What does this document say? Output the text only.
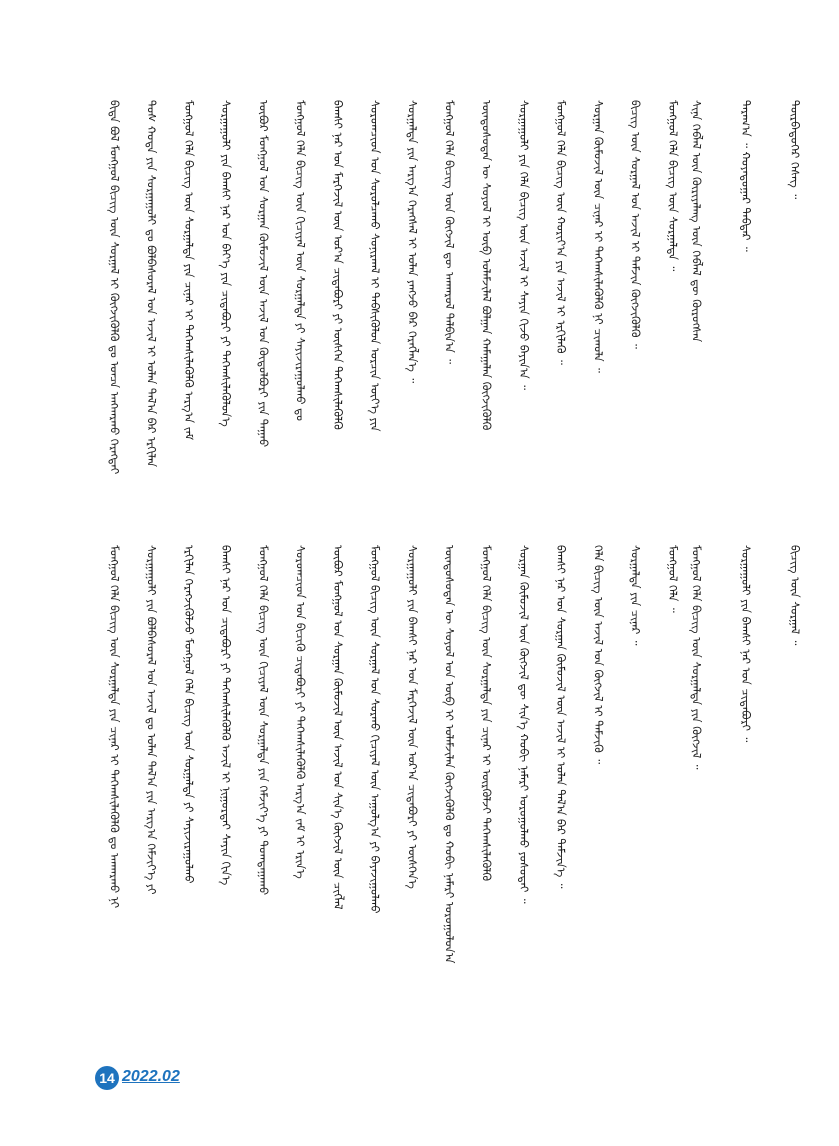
ᠪᠢᠳᠡ ᠪᠣᠯ ᠮᠣᠩᠭᠣᠯ ᠪᠢᠴᠢᠭ ᠦᠨ ᠰᠤᠷᠭᠠᠯ ᠢ ᠬᠥᠭᠵᠢᠭᠦᠯᠬᠦ ᠳᠤ ᠣᠨᠴᠠ ᠠᠩᠬᠠᠷᠬᠤ ᠬᠡᠷᠡᠭᠲᠡᠢ ᠲᠤᠰ ᠬᠣᠲᠠ ᠶᠢᠨ ᠰᠤᠷᠭᠠᠭᠤᠯᠢ ᠳᠤ ᠪᠣᠯᠪᠠᠰᠤᠷᠠᠯ ᠤᠨ ᠠᠵᠢᠯ ᠢ ᠣᠯᠠᠨ ᠲᠠᠯ᠎ᠠ ᠪᠠᠷ ᠡᠷᠬᠢᠯᠡᠨ ᠮᠣᠩᠭᠣᠯ ᠬᠡᠯᠡ ᠪᠢᠴᠢᠭ ᠦᠨ ᠰᠤᠷᠭᠠᠯᠲᠠ ᠶᠢᠨ ᠴᠢᠨᠠᠷ ᠢ ᠳᠡᠭᠡᠭ᠍ᠰᠢᠯᠡᠭᠦᠯᠬᠦ ᠠᠷᠭ᠎ᠠ ᠵᠠᠮ ᠰᠤᠷᠭᠠᠭᠤᠯᠢ ᠶᠢᠨ ᠪᠠᠭᠰᠢ ᠨᠠᠷ ᠤᠨ ᠪᠡᠶ᠎ᠡ ᠶᠢᠨ ᠴᠢᠳᠠᠪᠤᠷᠢ ᠶᠢ ᠳᠡᠭᠡᠭ᠍ᠰᠢᠯᠡᠭᠦᠯᠦᠨ᠎ᠡ ᠥᠪᠥᠷ ᠮᠣᠩᠭᠣᠯ ᠤᠨ ᠰᠤᠷᠭᠠᠨ ᠬᠦᠮᠦᠵᠢᠯ ᠦᠨ ᠠᠵᠢᠯ ᠤᠨ ᠬᠥᠲᠥᠯᠪᠦᠷᠢ ᠶᠢᠨ ᠳᠠᠭᠠᠤ ᠮᠣᠩᠭᠣᠯ ᠬᠡᠯᠡ ᠪᠢᠴᠢᠭ ᠦᠨ ᠬᠢᠴᠢᠶᠡᠯ ᠦᠨ ᠰᠤᠷᠭᠠᠯᠲᠠ ᠶᠢ ᠰᠠᠶᠢᠵᠢᠷᠠᠭᠤᠯᠬᠤ ᠳᠤ ᠪᠠᠭᠰᠢ ᠨᠠᠷ ᠤᠨ ᠮᠡᠷᠭᠡᠵᠢᠯ ᠦᠨ ᠤᠷ᠎ᠠ ᠴᠢᠳᠠᠪᠤᠷᠢ ᠶᠢ ᠥᠰᠬᠡᠨ ᠳᠡᠭᠡᠭ᠍ᠰᠢᠯᠡᠭᠦᠯᠬᠦ ᠰᠤᠷᠤᠭᠴᠢᠳ ᠤᠨ ᠰᠤᠷᠤᠯᠴᠠᠬᠤ ᠰᠣᠨᠢᠷᠬᠠᠯ ᠢ ᠳᠡᠪᠰᠢᠭᠦᠯᠦᠨ ᠣᠷᠴᠢᠨ ᠦᠶ᠎ᠡ ᠶᠢᠨ ᠰᠤᠷᠭᠠᠯᠲᠠ ᠶᠢᠨ ᠠᠷᠭ᠎ᠠ ᠬᠡᠷᠡᠭᠰᠡᠯ ᠢ ᠣᠯᠠᠨ ᠶᠠᠩᠵᠤ ᠪᠠᠷ ᠬᠡᠷᠡᠭᠯᠡᠨ᠎ᠡ ᠃ ᠮᠣᠩᠭᠣᠯ ᠬᠡᠯᠡ ᠪᠢᠴᠢᠭ ᠦᠨ ᠬᠥᠭᠵᠢᠯ ᠳᠦ ᠠᠨᠬᠠᠷᠤᠯ ᠲᠠᠯᠪᠢᠨ᠎ᠠ ᠃ ᠦᠨᠳᠦᠰᠦᠲᠡᠨ ᠦ ᠰᠣᠶᠣᠯ ᠢ ᠥᠪ ᠤᠯᠠᠮᠵᠢᠯᠠᠯ ᠪᠣᠯᠭᠠᠨ ᠬᠠᠮᠠᠭᠠᠯᠠᠨ ᠬᠥᠭᠵᠢᠭᠦᠯᠬᠦ ᠰᠤᠷᠭᠠᠭᠤᠯᠢ ᠶᠢᠨ ᠬᠡᠯᠡ ᠪᠢᠴᠢᠭ ᠦᠨ ᠠᠵᠢᠯ ᠢ ᠰᠠᠶᠢᠨ ᠬᠢᠵᠦ ᠪᠠᠶᠢᠨ᠎ᠠ ᠃ ᠮᠣᠩᠭᠣᠯ ᠬᠡᠯᠡ ᠪᠢᠴᠢᠭ ᠦᠨ ᠬᠣᠷᠢᠶ᠎ᠠ ᠶᠢᠨ ᠠᠵᠢᠯ ᠢ ᠡᠷᠬᠢᠯᠡᠬᠦ ᠃ ᠰᠤᠷᠭᠠᠨ ᠬᠦᠮᠦᠵᠢᠯ ᠦᠨ ᠴᠢᠨᠠᠷ ᠢ ᠳᠡᠭᠡᠭ᠍ᠰᠢᠯᠡᠭᠦᠯᠬᠦ ᠨᠢ ᠴᠢᠬᠤᠯᠠ ᠃ ᠪᠢᠴᠢᠭ ᠦᠨ ᠰᠤᠷᠭᠠᠯ ᠤᠨ ᠠᠵᠢᠯ ᠢ ᠳᠡᠮᠵᠢᠨ ᠬᠥᠭᠵᠢᠭᠦᠯᠬᠦ ᠃ ᠮᠣᠩᠭᠣᠯ ᠬᠡᠯᠡ ᠪᠢᠴᠢᠭ ᠦᠨ ᠰᠤᠷᠭᠠᠯᠲᠠ ᠃ ᠰᠢᠨᠡ ᠬᠡᠪᠯᠡᠯ ᠦᠨ ᠬᠦᠷᠢᠶᠡᠯᠡᠩ ᠦᠨ ᠬᠡᠪᠯᠡᠯ ᠳᠦ ᠬᠦᠷᠦᠭᠰᠡᠨ	ᠳᠠᠷᠠᠭ᠎ᠠ ᠃ ᠬᠣᠶᠠᠳᠤᠭᠠᠷ ᠳᠡᠪᠲᠡᠷ ᠃	ᠳᠦᠷᠪᠡᠳᠦᠭᠡᠷ ᠬᠡᠰᠡᠭ ᠃
ᠮᠣᠩᠭᠣᠯ ᠬᠡᠯᠡ ᠪᠢᠴᠢᠭ ᠦᠨ ᠰᠤᠷᠭᠠᠯᠲᠠ ᠶᠢᠨ ᠴᠢᠨᠠᠷ ᠢ ᠳᠡᠭᠡᠭ᠍ᠰᠢᠯᠡᠭᠦᠯᠬᠦ ᠳᠤ ᠠᠨᠬᠠᠷᠬᠤ ᠨᠢ ᠰᠤᠷᠭᠠᠭᠤᠯᠢ ᠶᠢᠨ ᠪᠣᠯᠪᠠᠰᠤᠷᠠᠯ ᠤᠨ ᠠᠵᠢᠯ ᠳᠤ ᠣᠯᠠᠨ ᠲᠠᠯ᠎ᠠ ᠶᠢᠨ ᠠᠷᠭ᠎ᠠ ᠬᠡᠮᠵᠢᠶ᠎ᠡ ᠶᠢ ᠡᠷᠬᠢᠯᠡᠨ ᠬᠡᠷᠡᠭᠵᠢᠭᠦᠯᠵᠦ ᠮᠣᠩᠭᠣᠯ ᠬᠡᠯᠡ ᠪᠢᠴᠢᠭ ᠦᠨ ᠰᠤᠷᠭᠠᠯᠲᠠ ᠶᠢ ᠰᠠᠶᠢᠵᠢᠷᠠᠭᠤᠯᠬᠤ ᠪᠠᠭᠰᠢ ᠨᠠᠷ ᠤᠨ ᠴᠢᠳᠠᠪᠤᠷᠢ ᠶᠢ ᠳᠡᠭᠡᠭ᠍ᠰᠢᠯᠡᠭᠦᠯᠬᠦ ᠠᠵᠢᠯ ᠢ ᠨᠢᠭᠤᠷᠲᠠᠢ ᠰᠠᠶᠢᠨ ᠬᠢᠨ᠎ᠡ ᠮᠣᠩᠭᠣᠯ ᠬᠡᠯᠡ ᠪᠢᠴᠢᠭ ᠦᠨ ᠬᠢᠴᠢᠶᠡᠯ ᠦᠨ ᠰᠤᠷᠭᠠᠯᠲᠠ ᠶᠢᠨ ᠬᠡᠮᠵᠢᠶ᠎ᠡ ᠶᠢ ᠲᠣᠭᠲᠠᠭᠠᠬᠤ ᠰᠤᠷᠤᠭᠴᠢᠳ ᠤᠨ ᠪᠢᠴᠢᠬᠦ ᠴᠢᠳᠠᠪᠤᠷᠢ ᠶᠢ ᠳᠡᠭᠡᠭ᠍ᠰᠢᠯᠡᠭᠦᠯᠬᠦ ᠠᠷᠭ᠎ᠠ ᠵᠠᠮ ᠢ ᠡᠷᠢᠨ᠎ᠡ ᠥᠪᠥᠷ ᠮᠣᠩᠭᠣᠯ ᠤᠨ ᠰᠤᠷᠭᠠᠨ ᠬᠦᠮᠦᠵᠢᠯ ᠦᠨ ᠠᠵᠢᠯ ᠤᠨ ᠰᠢᠨ᠎ᠡ ᠬᠥᠭᠵᠢᠯ ᠦᠨ ᠴᠢᠭᠯᠡᠯ ᠮᠣᠩᠭᠣᠯ ᠪᠢᠴᠢᠭ ᠦᠨ ᠰᠤᠷᠭᠠᠯ ᠤᠨ ᠰᠤᠷᠬᠤ ᠬᠢᠴᠢᠶᠡᠯ ᠦᠨ ᠠᠭᠤᠯᠭ᠎ᠠ ᠶᠢ ᠪᠠᠶᠠᠵᠢᠭᠤᠯᠬᠤ ᠰᠤᠷᠭᠠᠭᠤᠯᠢ ᠶᠢᠨ ᠪᠠᠭᠰᠢ ᠨᠠᠷ ᠤᠨ ᠮᠡᠷᠭᠡᠵᠢᠯ ᠦᠨ ᠤᠷ᠎ᠠ ᠴᠢᠳᠠᠪᠤᠷᠢ ᠶᠢ ᠥᠰᠬᠡᠨ᠎ᠡ ᠦᠨᠳᠦᠰᠦᠲᠡᠨ ᠦ ᠰᠣᠶᠣᠯ ᠤᠨ ᠥᠪ ᠢ ᠤᠯᠠᠮᠵᠢᠯᠠᠨ ᠬᠥᠭᠵᠢᠭᠦᠯᠬᠦ ᠳᠤ ᠬᠤᠪᠢ ᠨᠡᠮᠡᠷᠢ ᠣᠷᠤᠭᠤᠯᠤᠨ᠎ᠠ ᠮᠣᠩᠭᠣᠯ ᠬᠡᠯᠡ ᠪᠢᠴᠢᠭ ᠦᠨ ᠰᠤᠷᠭᠠᠯᠲᠠ ᠶᠢᠨ ᠴᠢᠨᠠᠷ ᠢ ᠦᠷᠭᠦᠯᠵᠢ ᠳᠡᠭᠡᠭ᠍ᠰᠢᠯᠡᠭᠦᠯᠬᠦ ᠰᠤᠷᠭᠠᠨ ᠬᠦᠮᠦᠵᠢᠯ ᠦᠨ ᠬᠥᠭᠵᠢᠯ ᠳᠦ ᠰᠢᠨ᠎ᠡ ᠬᠤᠪᠢ ᠨᠡᠮᠡᠷᠢ ᠣᠷᠤᠭᠤᠯᠬᠤ ᠶᠤᠰᠤᠲᠠᠢ ᠃ ᠪᠠᠭᠰᠢ ᠨᠠᠷ ᠤᠨ ᠰᠤᠷᠭᠠᠨ ᠬᠦᠮᠦᠵᠢᠯ ᠦᠨ ᠠᠵᠢᠯ ᠢ ᠣᠯᠠᠨ ᠲᠠᠯ᠎ᠠ ᠪᠠᠷ ᠳᠡᠮᠵᠢᠨ᠎ᠡ ᠃ ᠬᠡᠯᠡ ᠪᠢᠴᠢᠭ ᠦᠨ ᠠᠵᠢᠯ ᠤᠨ ᠬᠥᠭᠵᠢᠯ ᠢ ᠳᠡᠮᠵᠢᠬᠦ ᠃ ᠰᠤᠷᠭᠠᠯᠲᠠ ᠶᠢᠨ ᠴᠢᠨᠠᠷ ᠃ ᠮᠣᠩᠭᠣᠯ ᠬᠡᠯᠡ ᠃ ᠮᠣᠩᠭᠣᠯ ᠬᠡᠯᠡ ᠪᠢᠴᠢᠭ ᠦᠨ ᠰᠤᠷᠭᠠᠯᠲᠠ ᠶᠢᠨ ᠬᠥᠭᠵᠢᠯ ᠃	ᠰᠤᠷᠭᠠᠭᠤᠯᠢ ᠶᠢᠨ ᠪᠠᠭᠰᠢ ᠨᠠᠷ ᠤᠨ ᠴᠢᠳᠠᠪᠤᠷᠢ ᠃	ᠪᠢᠴᠢᠭ ᠦᠨ ᠰᠤᠷᠭᠠᠯ ᠃
14 2022.02
